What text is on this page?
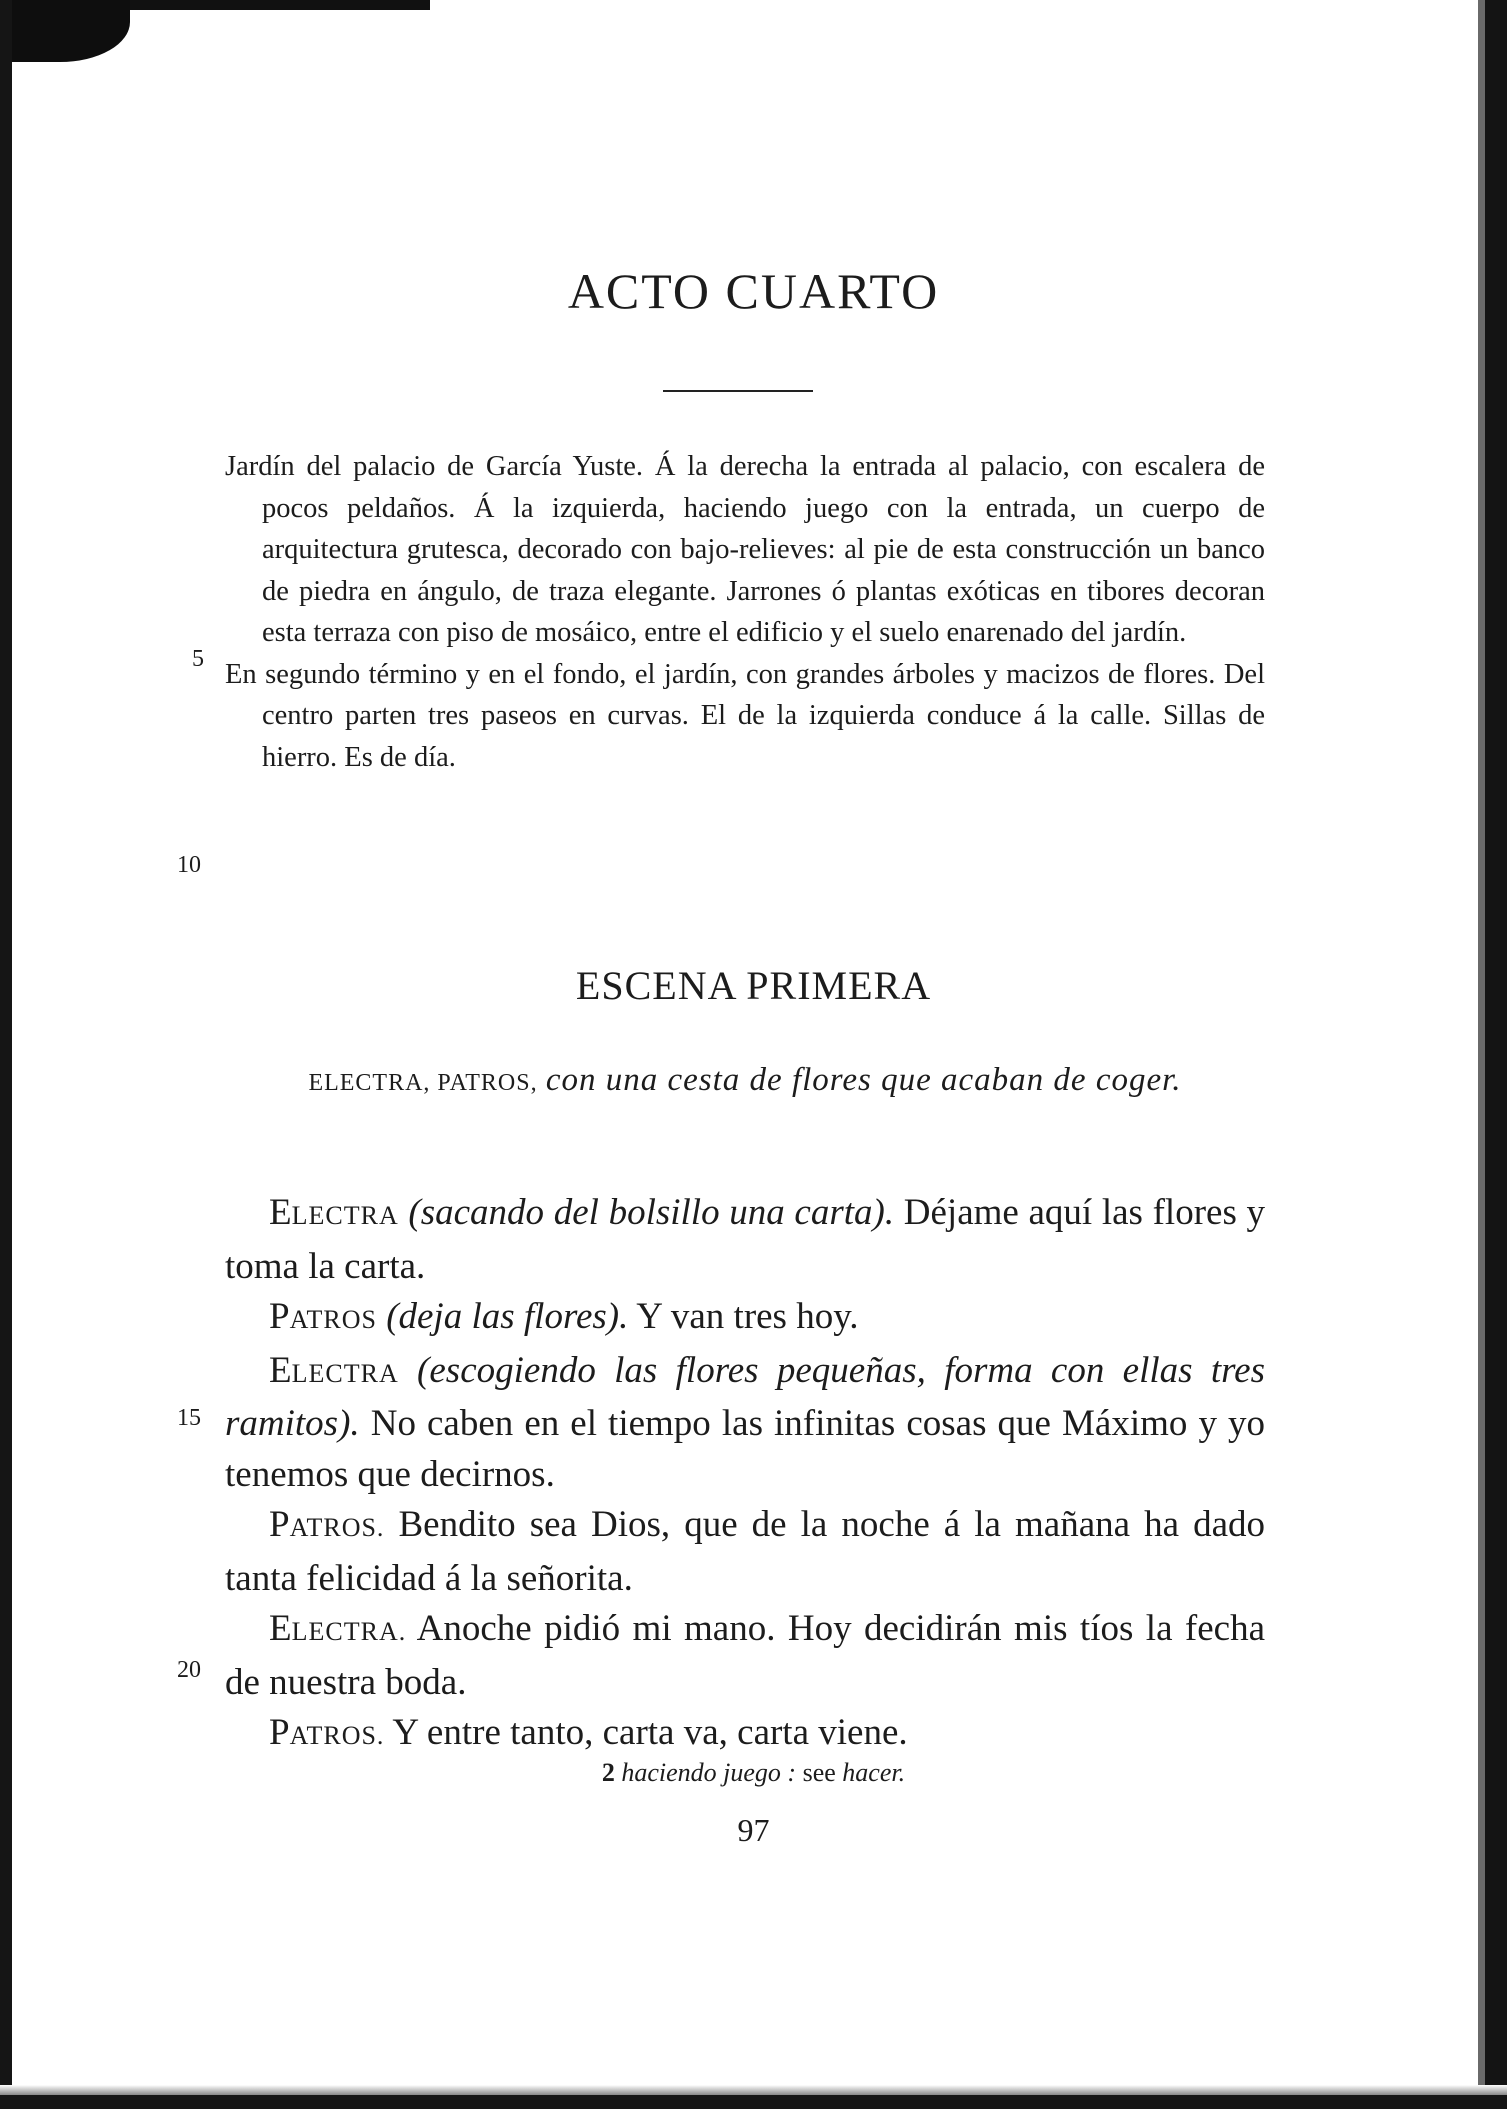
ACTO CUARTO

Jardín del palacio de García Yuste. Á la derecha la entrada al palacio, con escalera de pocos peldaños. Á la izquierda, haciendo juego con la entrada, un cuerpo de arquitectura grutesca, decorado con bajo-relieves: al pie de esta construcción un banco de piedra en ángulo, de traza elegante. Jarrones ó plantas exóticas en tibores decoran esta terraza con piso de mosáico, entre el edificio y el suelo enarenado del jardín.

En segundo término y en el fondo, el jardín, con grandes árboles y macizos de flores. Del centro parten tres paseos en curvas. El de la izquierda conduce á la calle. Sillas de hierro. Es de día.

5
10
ESCENA PRIMERA
ELECTRA, PATROS, con una cesta de flores que acaban de coger.

ELECTRA (sacando del bolsillo una carta). Déjame aquí las flores y toma la carta.

PATROS (deja las flores). Y van tres hoy.

ELECTRA (escogiendo las flores pequeñas, forma con ellas tres ramitos). No caben en el tiempo las infinitas cosas que Máximo y yo tenemos que decirnos.

PATROS. Bendito sea Dios, que de la noche á la mañana ha dado tanta felicidad á la señorita.

ELECTRA. Anoche pidió mi mano. Hoy decidirán mis tíos la fecha de nuestra boda.

PATROS. Y entre tanto, carta va, carta viene.

15
20
2 haciendo juego : see hacer.
97
